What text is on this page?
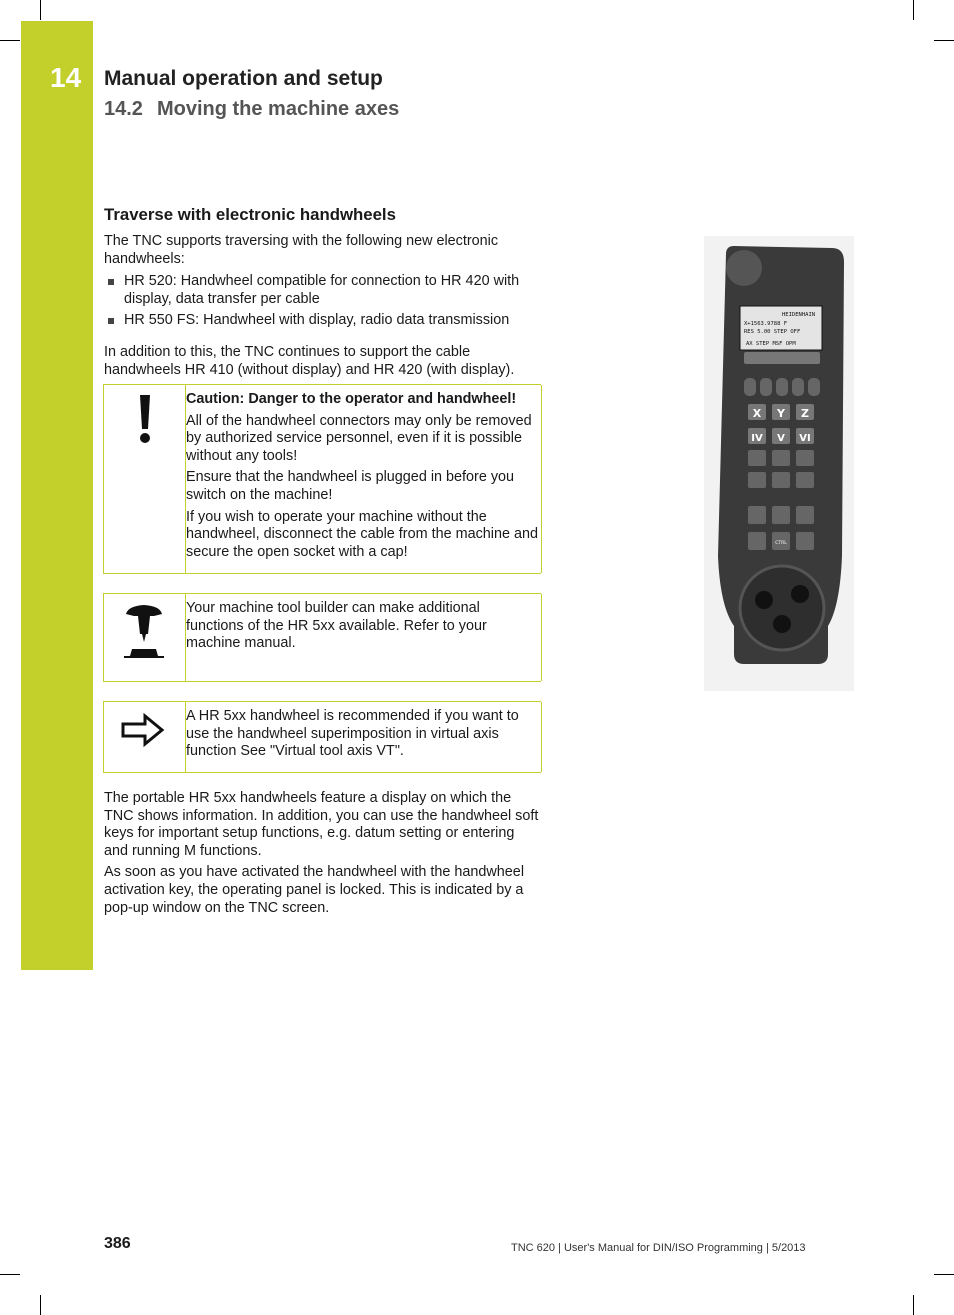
14 Manual operation and setup
14.2 Moving the machine axes
Traverse with electronic handwheels

The TNC supports traversing with the following new electronic handwheels:

HR 520: Handwheel compatible for connection to HR 420 with display, data transfer per cable
HR 550 FS: Handwheel with display, radio data transmission

In addition to this, the TNC continues to support the cable handwheels HR 410 (without display) and HR 420 (with display).

Caution: Danger to the operator and handwheel!

All of the handwheel connectors may only be removed by authorized service personnel, even if it is possible without any tools!

Ensure that the handwheel is plugged in before you switch on the machine!

If you wish to operate your machine without the handwheel, disconnect the cable from the machine and secure the open socket with a cap!

Your machine tool builder can make additional functions of the HR 5xx available. Refer to your machine manual.

A HR 5xx handwheel is recommended if you want to use the handwheel superimposition in virtual axis function See "Virtual tool axis VT".

The portable HR 5xx handwheels feature a display on which the TNC shows information. In addition, you can use the handwheel soft keys for important setup functions, e.g. datum setting or entering and running M functions.

As soon as you have activated the handwheel with the handwheel activation key, the operating panel is locked. This is indicated by a pop-up window on the TNC screen.

HEIDENHAIN
X+1563.9788 F
RES 5.00 STEP OFF
AX STEP MSF OPM
X Y Z
IV V VI
CTRL
386	TNC 620 | User's Manual for DIN/ISO Programming | 5/2013
